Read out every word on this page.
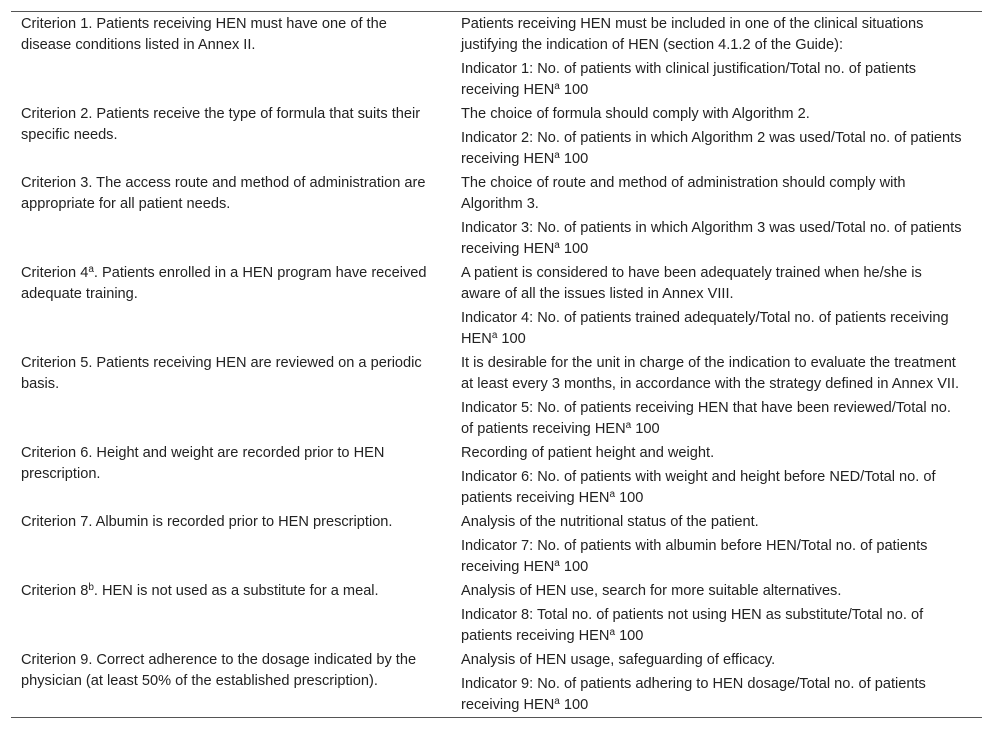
Criterion 1. Patients receiving HEN must have one of the disease conditions listed in Annex II.	Patients receiving HEN must be included in one of the clinical situations justifying the indication of HEN (section 4.1.2 of the Guide):

Indicator 1: No. of patients with clinical justification/Total no. of patients receiving HEN$^a$ 100

Criterion 2. Patients receive the type of formula that suits their specific needs.	The choice of formula should comply with Algorithm 2.

Indicator 2: No. of patients in which Algorithm 2 was used/Total no. of patients receiving HEN$^a$ 100

Criterion 3. The access route and method of administration are appropriate for all patient needs.	The choice of route and method of administration should comply with Algorithm 3.

Indicator 3: No. of patients in which Algorithm 3 was used/Total no. of patients receiving HEN$^a$ 100

Criterion 4$^a$. Patients enrolled in a HEN program have received adequate training.	A patient is considered to have been adequately trained when he/she is aware of all the issues listed in Annex VIII.

Indicator 4: No. of patients trained adequately/Total no. of patients receiving HEN$^a$ 100

Criterion 5. Patients receiving HEN are reviewed on a periodic basis.	It is desirable for the unit in charge of the indication to evaluate the treatment at least every 3 months, in accordance with the strategy defined in Annex VII.

Indicator 5: No. of patients receiving HEN that have been reviewed/Total no. of patients receiving HEN$^a$ 100

Criterion 6. Height and weight are recorded prior to HEN prescription.	Recording of patient height and weight.

Indicator 6: No. of patients with weight and height before NED/Total no. of patients receiving HEN$^a$ 100

Criterion 7. Albumin is recorded prior to HEN prescription.	Analysis of the nutritional status of the patient.

Indicator 7: No. of patients with albumin before HEN/Total no. of patients receiving HEN$^a$ 100

Criterion 8$^b$. HEN is not used as a substitute for a meal.	Analysis of HEN use, search for more suitable alternatives.

Indicator 8: Total no. of patients not using HEN as substitute/Total no. of patients receiving HEN$^a$ 100

Criterion 9. Correct adherence to the dosage indicated by the physician (at least 50% of the established prescription).	Analysis of HEN usage, safeguarding of efficacy.

Indicator 9: No. of patients adhering to HEN dosage/Total no. of patients receiving HEN$^a$ 100
